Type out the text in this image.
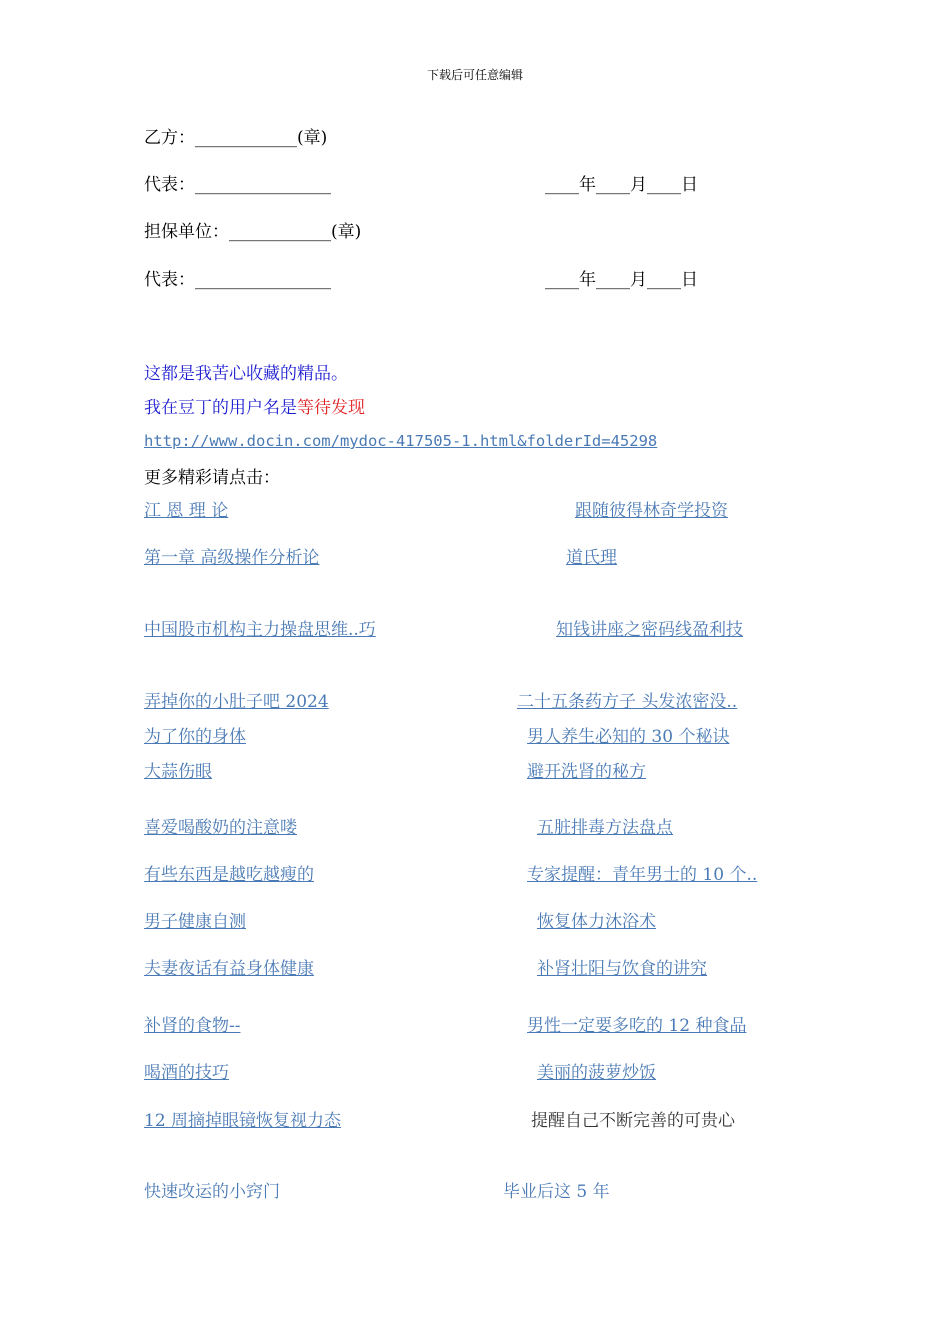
下载后可任意编辑
乙方：____________(章)
代表：________________	____年____月____日
担保单位：____________(章)
代表：________________	____年____月____日
这都是我苦心收藏的精品。
我在豆丁的用户名是等待发现
http://www.docin.com/mydoc-417505-1.html&folderId=45298
更多精彩请点击：
江 恩 理 论	跟随彼得林奇学投资
第一章 高级操作分析论	道氏理
中国股市机构主力操盘思维..巧	知钱讲座之密码线盈利技
弄掉你的小肚子吧 2024	二十五条药方子 头发浓密没..
为了你的身体	男人养生必知的 30 个秘诀
大蒜伤眼	避开洗肾的秘方
喜爱喝酸奶的注意喽	五脏排毒方法盘点
有些东西是越吃越瘦的	专家提醒：青年男士的 10 个..
男子健康自测	恢复体力沐浴术
夫妻夜话有益身体健康	补肾壮阳与饮食的讲究
补肾的食物--	男性一定要多吃的 12 种食品
喝酒的技巧	美丽的菠萝炒饭
12 周摘掉眼镜恢复视力态	提醒自己不断完善的可贵心
快速改运的小窍门	毕业后这 5 年
